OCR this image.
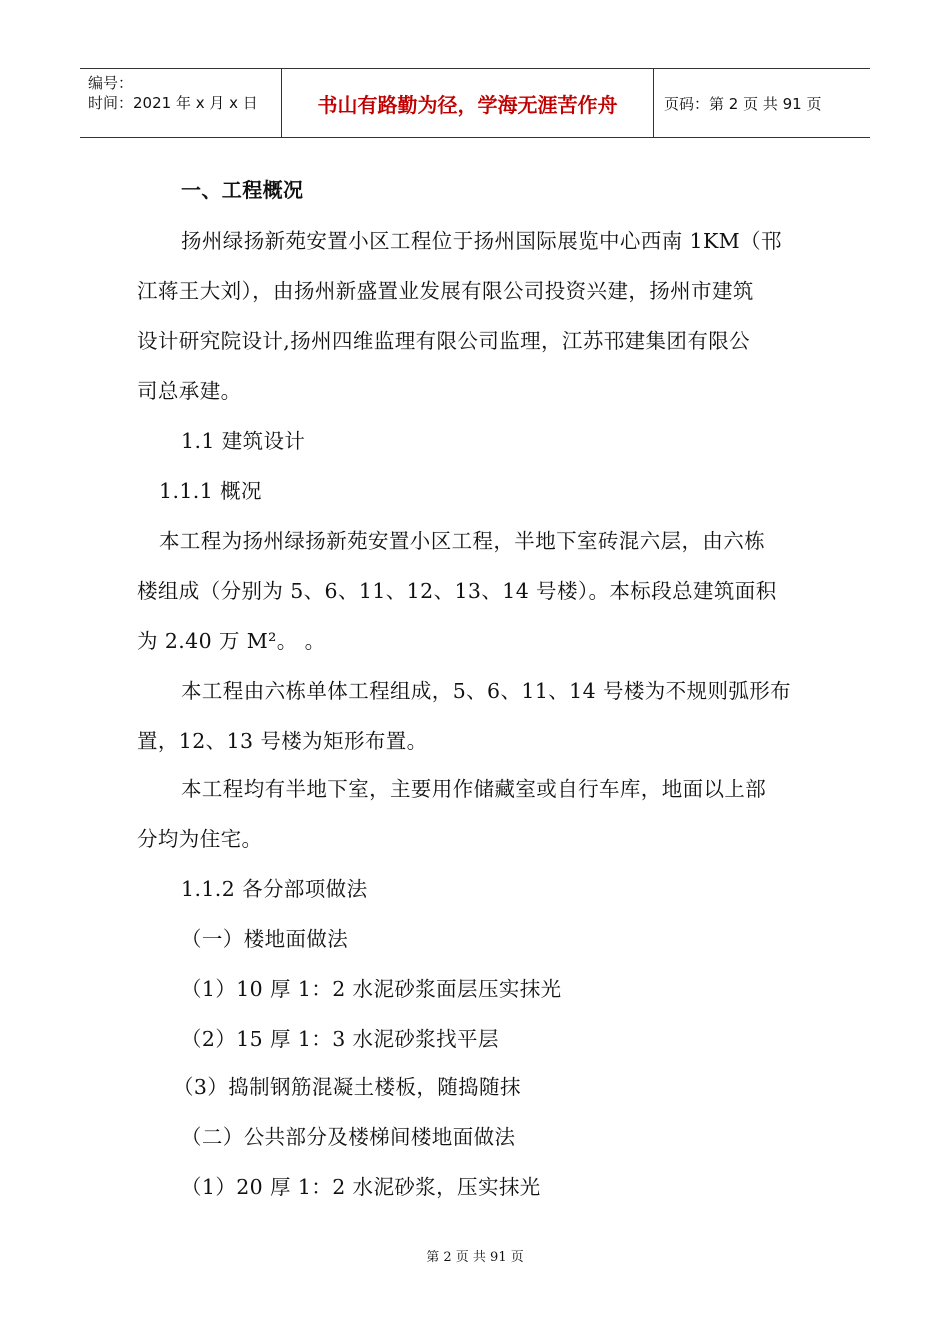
编号：
时间：2021 年 x 月 x 日	书山有路勤为径，学海无涯苦作舟	页码：第 2 页 共 91 页
一、工程概况
扬州绿扬新苑安置小区工程位于扬州国际展览中心西南 1KM（邗
江蒋王大刘），由扬州新盛置业发展有限公司投资兴建，扬州市建筑
设计研究院设计,扬州四维监理有限公司监理，江苏邗建集团有限公
司总承建。
1.1 建筑设计
1.1.1 概况
本工程为扬州绿扬新苑安置小区工程，半地下室砖混六层，由六栋
楼组成（分别为 5、6、11、12、13、14 号楼）。本标段总建筑面积
为 2.40 万 M²。 。
本工程由六栋单体工程组成，5、6、11、14 号楼为不规则弧形布
置，12、13 号楼为矩形布置。
本工程均有半地下室，主要用作储藏室或自行车库，地面以上部
分均为住宅。
1.1.2 各分部项做法
（一）楼地面做法
（1）10 厚 1：2 水泥砂浆面层压实抹光
（2）15 厚 1：3 水泥砂浆找平层
（3）捣制钢筋混凝土楼板，随捣随抹
（二）公共部分及楼梯间楼地面做法
（1）20 厚 1：2 水泥砂浆，压实抹光
第 2 页 共 91 页
